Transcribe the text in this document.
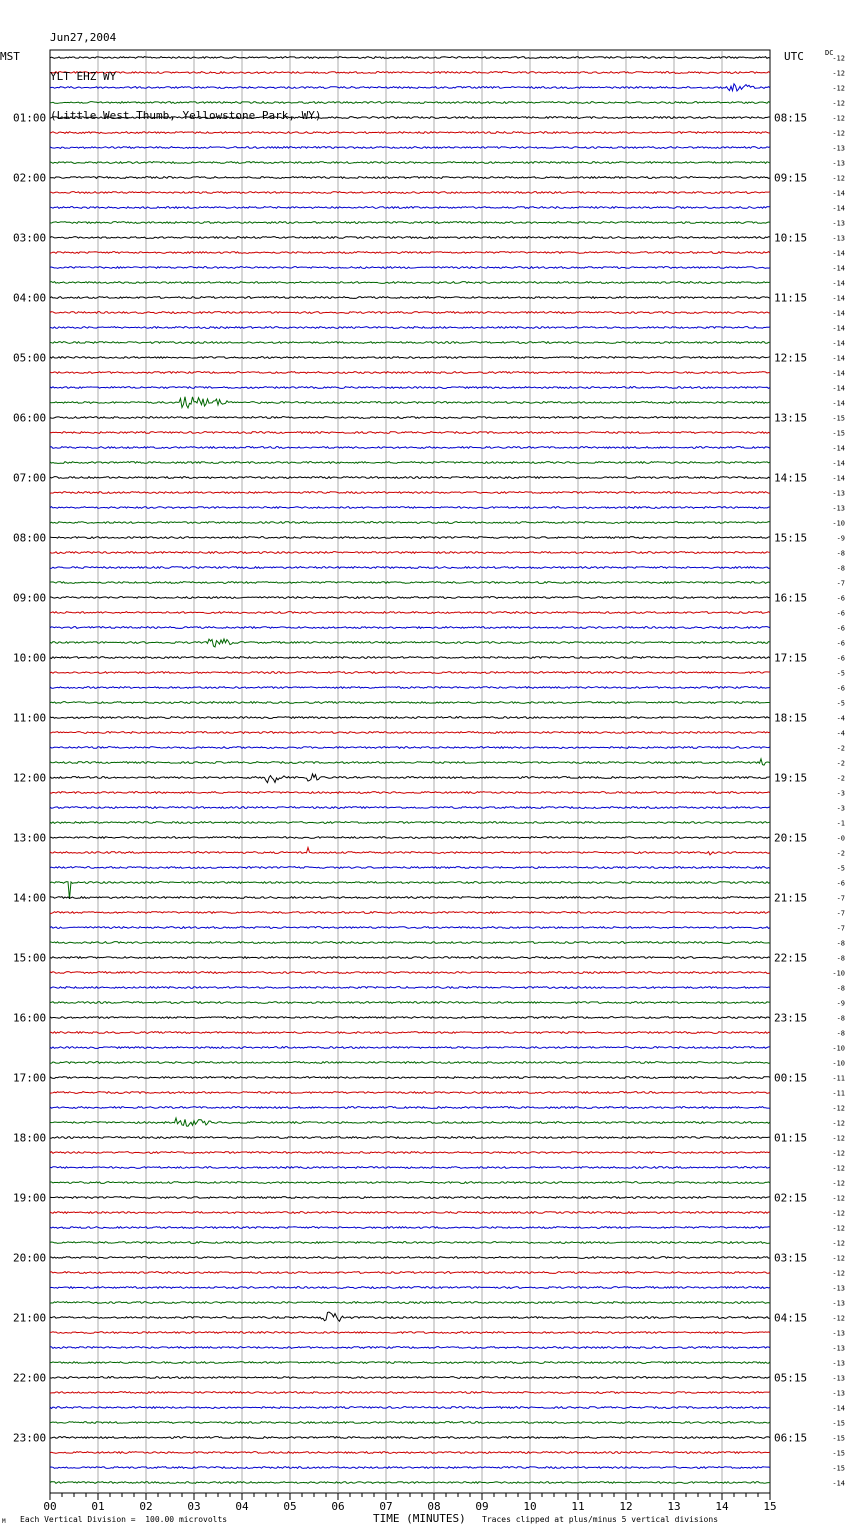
00	01	02	03	04	05	06	07	08	09	10	11	12	13	14	15
-12
-12
-12
-12
-12
-12
-13
-13
-12
-14
-14
-13
-13
-14
-14
-14
-14
-14
-14
-14
-14
-14
-14
-14
-15
-15
-14
-14
-14
-13
-13
-10
-9
-8
-8
-7
-6
-6
-6
-6
-6
-5
-6
-5
-4
-4
-2
-2
-2
-3
-3
-1
-0
-2
-5
-6
-7
-7
-7
-8
-8
-10
-8
-9
-8
-8
-10
-10
-11
-11
-12
-12
-12
-12
-12
-12
-12
-12
-12
-12
-12
-12
-13
-13
-12
-13
-13
-13
-13
-13
-14
-15
-15
-15
-15
-14
01:00	08:15
02:00	09:15
03:00	10:15
04:00	11:15
05:00	12:15
06:00	13:15
07:00	14:15
08:00	15:15
09:00	16:15
10:00	17:15
11:00	18:15
12:00	19:15
13:00	20:15
14:00	21:15
15:00	22:15
16:00	23:15
17:00	00:15
18:00	01:15
19:00	02:15
20:00	03:15
21:00	04:15
22:00	05:15
23:00	06:15

Jun27,2004

YLT EHZ WY

(Little West Thumb, Yellowstone Park, WY)

MST	UTC	DC
M Each Vertical Division =  100.00 microvolts	TIME (MINUTES) Traces clipped at plus/minus 5 vertical divisions
